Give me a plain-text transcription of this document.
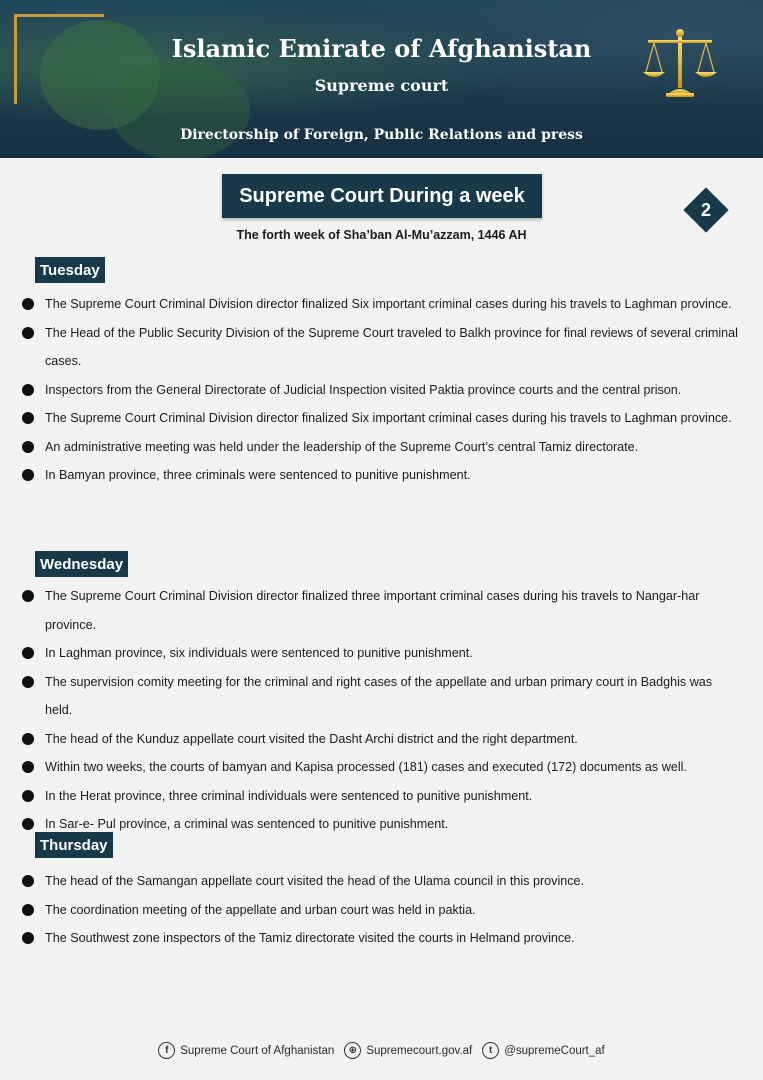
Islamic Emirate of Afghanistan
Supreme court
Directorship of Foreign, Public Relations and press
Supreme Court During a week
The forth week of Sha’ban Al-Mu’azzam, 1446 AH
2
Tuesday
The Supreme Court Criminal Division director finalized Six important criminal cases during his travels to Laghman province.
The Head of the Public Security Division of the Supreme Court traveled to Balkh province for final reviews of several criminal cases.
Inspectors from the General Directorate of Judicial Inspection visited Paktia province courts and the central prison.
The Supreme Court Criminal Division director finalized Six important criminal cases during his travels to Laghman province.
An administrative meeting was held under the leadership of the Supreme Court’s central Tamiz directorate.
In Bamyan province, three criminals were sentenced to punitive punishment.
Wednesday
The Supreme Court Criminal Division director finalized three important criminal cases during his travels to Nangar-har province.
In Laghman province, six individuals were sentenced to punitive punishment.
The supervision comity meeting for the criminal and right cases of the appellate and urban primary court in Badghis was held.
The head of the Kunduz appellate court visited the Dasht Archi district and the right department.
Within two weeks, the courts of bamyan and Kapisa processed (181) cases and executed (172) documents as well.
In the Herat province, three criminal individuals were sentenced to punitive punishment.
In Sar-e- Pul province, a criminal was sentenced to punitive punishment.
Thursday
The head of the Samangan appellate court visited the head of the Ulama council in this province.
The coordination meeting of the appellate and urban court was held in paktia.
The Southwest zone inspectors of the Tamiz directorate visited the courts in Helmand province.
f	Supreme Court of Afghanistan	⊕ Supremecourt.gov.af	t	@supremeCourt_af
